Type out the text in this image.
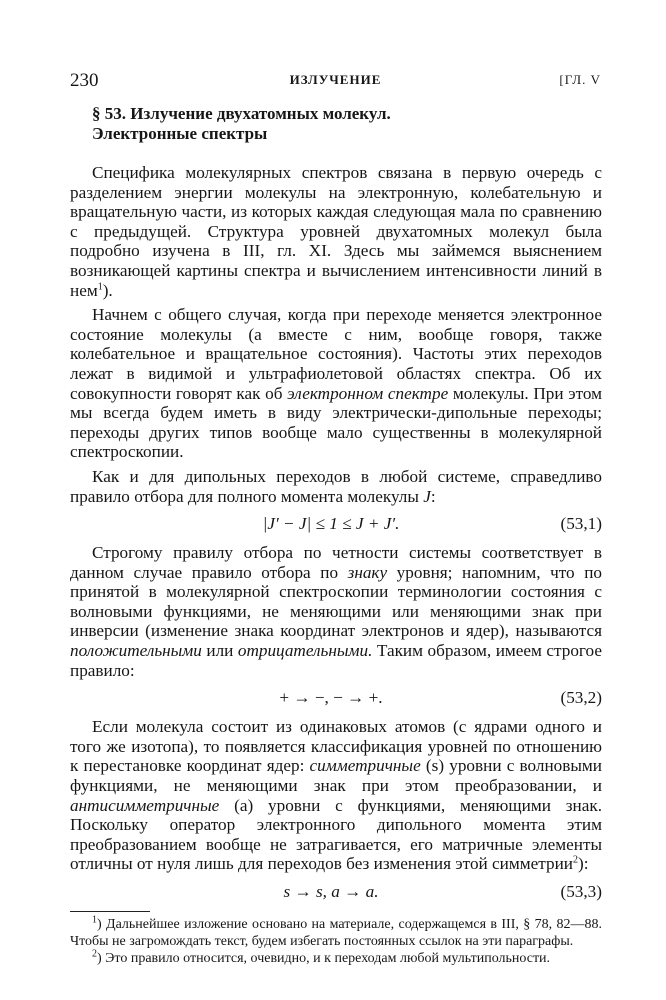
230	ИЗЛУЧЕНИЕ	[ГЛ. V
§ 53. Излучение двухатомных молекул.
Электронные спектры

Специфика молекулярных спектров связана в первую очередь с разделением энергии молекулы на электронную, колебательную и вращательную части, из которых каждая следующая мала по сравнению с предыдущей. Структура уровней двухатомных молекул была подробно изучена в III, гл. XI. Здесь мы займемся выяснением возникающей картины спектра и вычислением интенсивности линий в нем$^1$).

Начнем с общего случая, когда при переходе меняется электронное состояние молекулы (а вместе с ним, вообще говоря, также колебательное и вращательное состояния). Частоты этих переходов лежат в видимой и ультрафиолетовой областях спектра. Об их совокупности говорят как об электронном спектре молекулы. При этом мы всегда будем иметь в виду электрически-дипольные переходы; переходы других типов вообще мало существенны в молекулярной спектроскопии.

Как и для дипольных переходов в любой системе, справедливо правило отбора для полного момента молекулы J:

|J′ − J| ≤ 1 ≤ J + J′.	(53,1)

Строгому правилу отбора по четности системы соответствует в данном случае правило отбора по знаку уровня; напомним, что по принятой в молекулярной спектроскопии терминологии состояния с волновыми функциями, не меняющими или меняющими знак при инверсии (изменение знака координат электронов и ядер), называются положительными или отрицательными. Таким образом, имеем строгое правило:

+ → −, − → +.	(53,2)

Если молекула состоит из одинаковых атомов (с ядрами одного и того же изотопа), то появляется классификация уровней по отношению к перестановке координат ядер: симметричные (s) уровни с волновыми функциями, не меняющими знак при этом преобразовании, и антисимметричные (a) уровни с функциями, меняющими знак. Поскольку оператор электронного дипольного момента этим преобразованием вообще не затрагивается, его матричные элементы отличны от нуля лишь для переходов без изменения этой симметрии$^2$):

s → s, a → a.	(53,3)

$^1$) Дальнейшее изложение основано на материале, содержащемся в III, § 78, 82—88. Чтобы не загромождать текст, будем избегать постоянных ссылок на эти параграфы.

$^2$) Это правило относится, очевидно, и к переходам любой мультипольности.
